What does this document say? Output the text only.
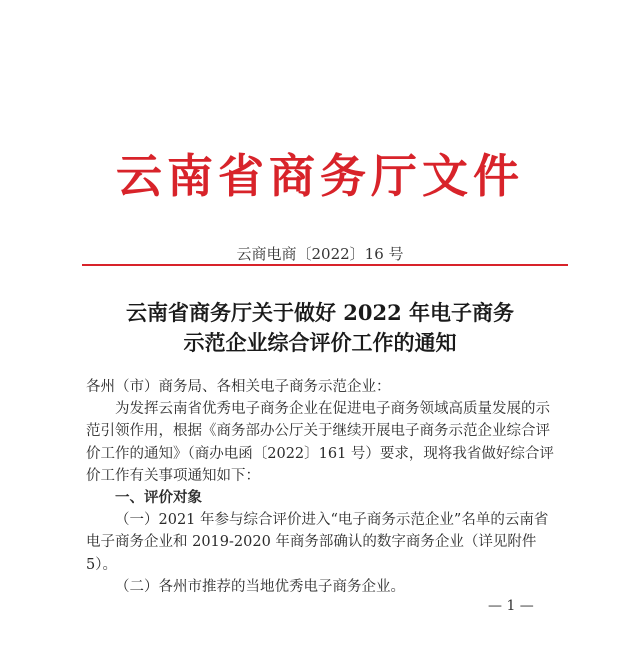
云南省商务厅文件
云商电商〔2022〕16 号
云南省商务厅关于做好 2022 年电子商务
示范企业综合评价工作的通知

各州（市）商务局、各相关电子商务示范企业：

为发挥云南省优秀电子商务企业在促进电子商务领域高质量发展的示范引领作用，根据《商务部办公厅关于继续开展电子商务示范企业综合评价工作的通知》（商办电函〔2022〕161 号）要求，现将我省做好综合评价工作有关事项通知如下：

一、评价对象

（一）2021 年参与综合评价进入“电子商务示范企业”名单的云南省电子商务企业和 2019-2020 年商务部确认的数字商务企业（详见附件 5）。

（二）各州市推荐的当地优秀电子商务企业。

— 1 —
